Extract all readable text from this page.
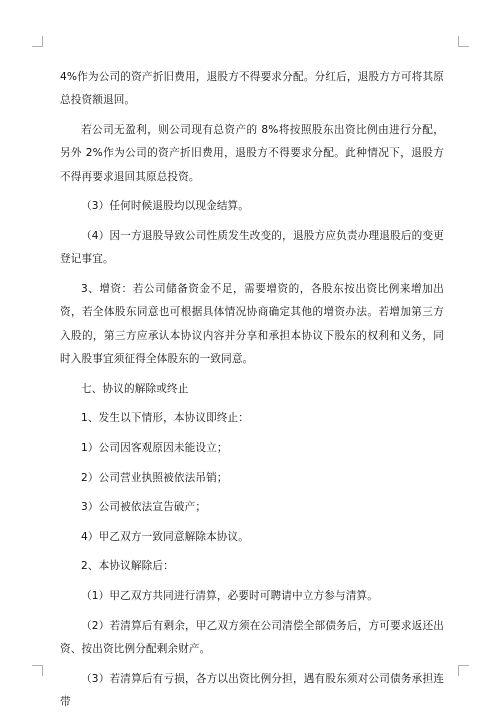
4%作为公司的资产折旧费用，退股方不得要求分配。分红后，退股方方可将其原总投资额退回。

若公司无盈利，则公司现有总资产的 8%将按照股东出资比例由进行分配，另外 2%作为公司的资产折旧费用，退股方不得要求分配。此种情况下，退股方不得再要求退回其原总投资。

（3）任何时候退股均以现金结算。

（4）因一方退股导致公司性质发生改变的，退股方应负责办理退股后的变更登记事宜。

3、增资：若公司储备资金不足，需要增资的，各股东按出资比例来增加出资，若全体股东同意也可根据具体情况协商确定其他的增资办法。若增加第三方入股的，第三方应承认本协议内容并分享和承担本协议下股东的权利和义务，同时入股事宜须征得全体股东的一致同意。

七、协议的解除或终止

1、发生以下情形，本协议即终止：

1）公司因客观原因未能设立；

2）公司营业执照被依法吊销；

3）公司被依法宣告破产；

4）甲乙双方一致同意解除本协议。

2、本协议解除后：

（1）甲乙双方共同进行清算，必要时可聘请中立方参与清算。

（2）若清算后有剩余，甲乙双方须在公司清偿全部债务后，方可要求返还出资、按出资比例分配剩余财产。

（3）若清算后有亏损，各方以出资比例分担，遇有股东须对公司债务承担连带
